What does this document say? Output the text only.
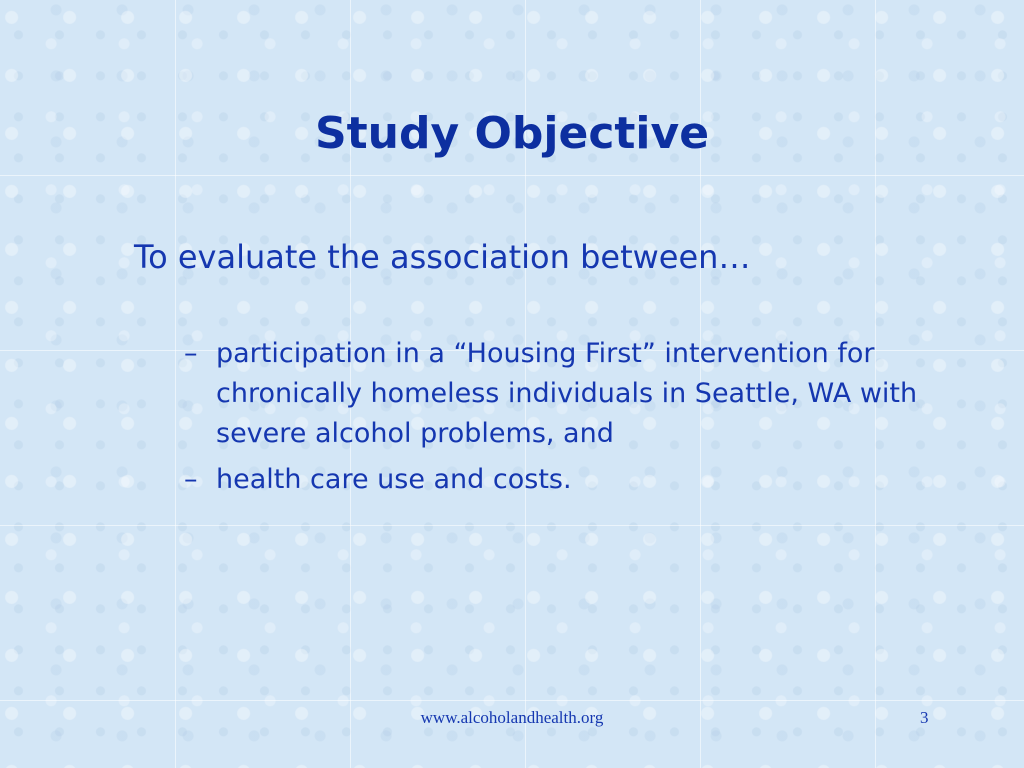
Study Objective

To evaluate the association between…

– participation in a “Housing First” intervention for chronically homeless individuals in Seattle, WA with severe alcohol problems, and
– health care use and costs.
www.alcoholandhealth.org	3
